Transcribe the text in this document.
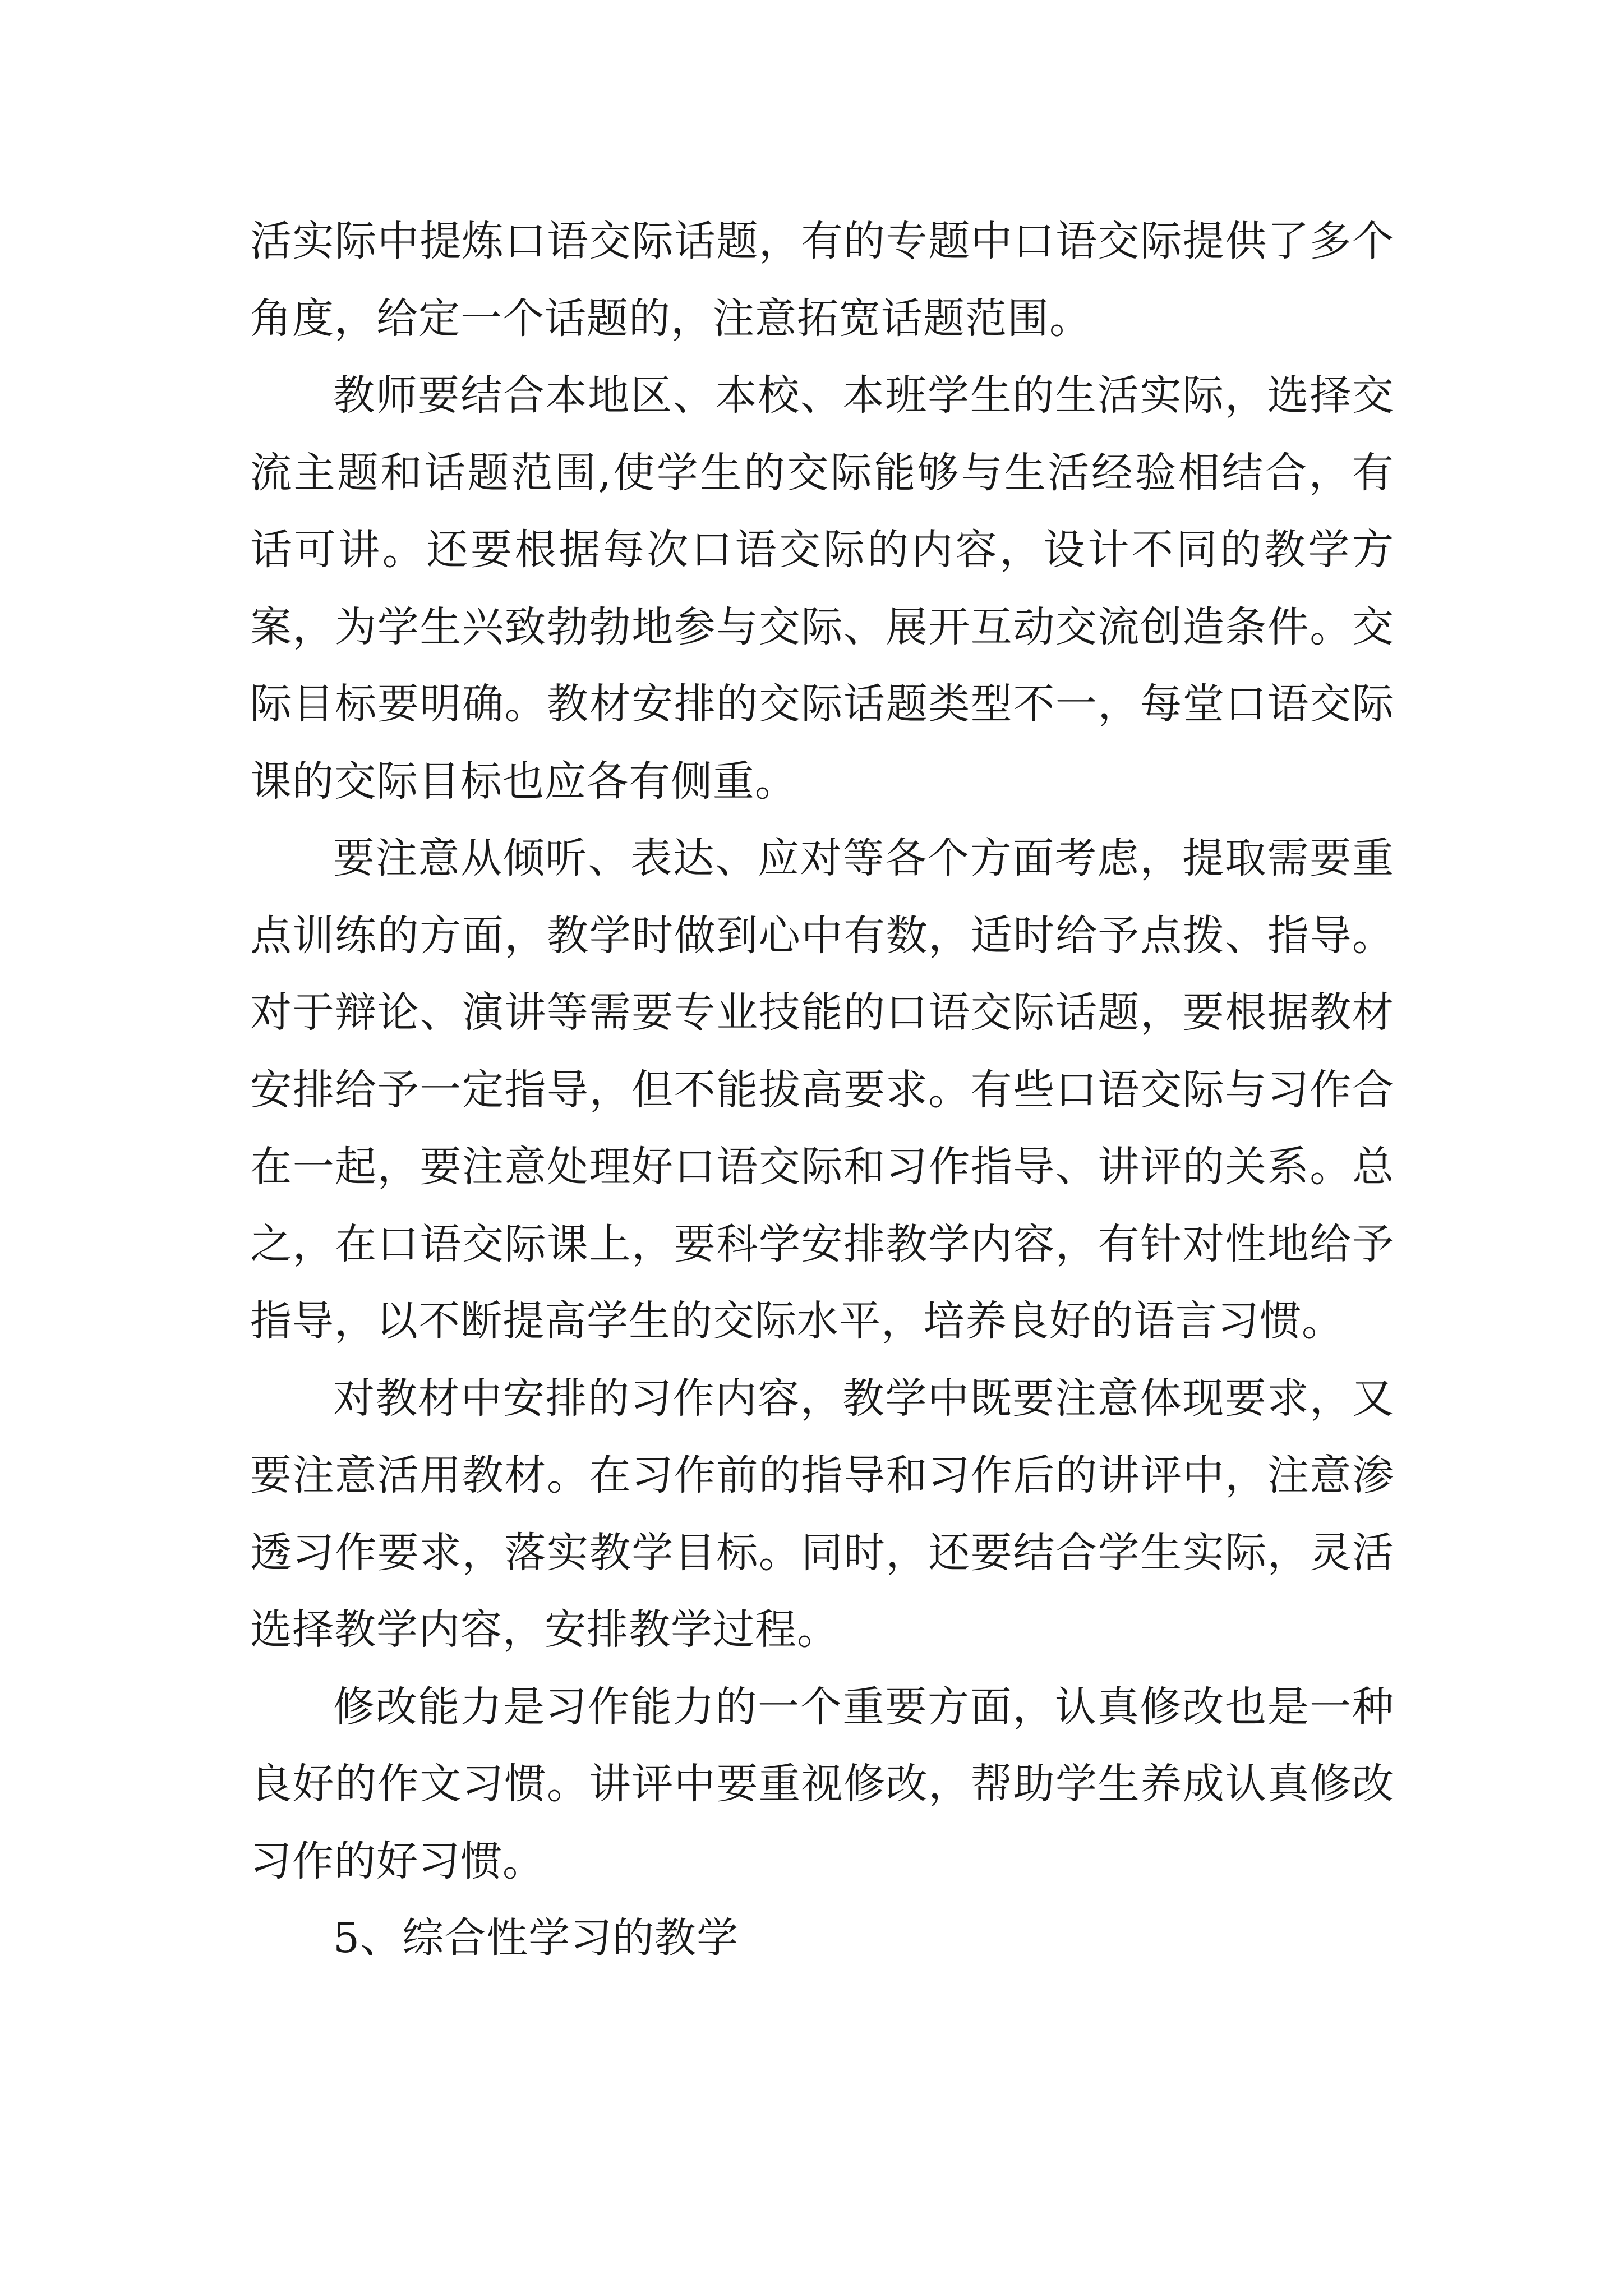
活实际中提炼口语交际话题，有的专题中口语交际提供了多个角度，给定一个话题的，注意拓宽话题范围。

教师要结合本地区、本校、本班学生的生活实际，选择交流主题和话题范围,使学生的交际能够与生活经验相结合，有话可讲。还要根据每次口语交际的内容，设计不同的教学方案，为学生兴致勃勃地参与交际、展开互动交流创造条件。交际目标要明确。教材安排的交际话题类型不一，每堂口语交际课的交际目标也应各有侧重。

要注意从倾听、表达、应对等各个方面考虑，提取需要重点训练的方面，教学时做到心中有数，适时给予点拨、指导。对于辩论、演讲等需要专业技能的口语交际话题，要根据教材安排给予一定指导，但不能拔高要求。有些口语交际与习作合在一起，要注意处理好口语交际和习作指导、讲评的关系。总之，在口语交际课上，要科学安排教学内容，有针对性地给予指导，以不断提高学生的交际水平，培养良好的语言习惯。

对教材中安排的习作内容，教学中既要注意体现要求，又要注意活用教材。在习作前的指导和习作后的讲评中，注意渗透习作要求，落实教学目标。同时，还要结合学生实际，灵活选择教学内容，安排教学过程。

修改能力是习作能力的一个重要方面，认真修改也是一种良好的作文习惯。讲评中要重视修改，帮助学生养成认真修改习作的好习惯。

5、综合性学习的教学
